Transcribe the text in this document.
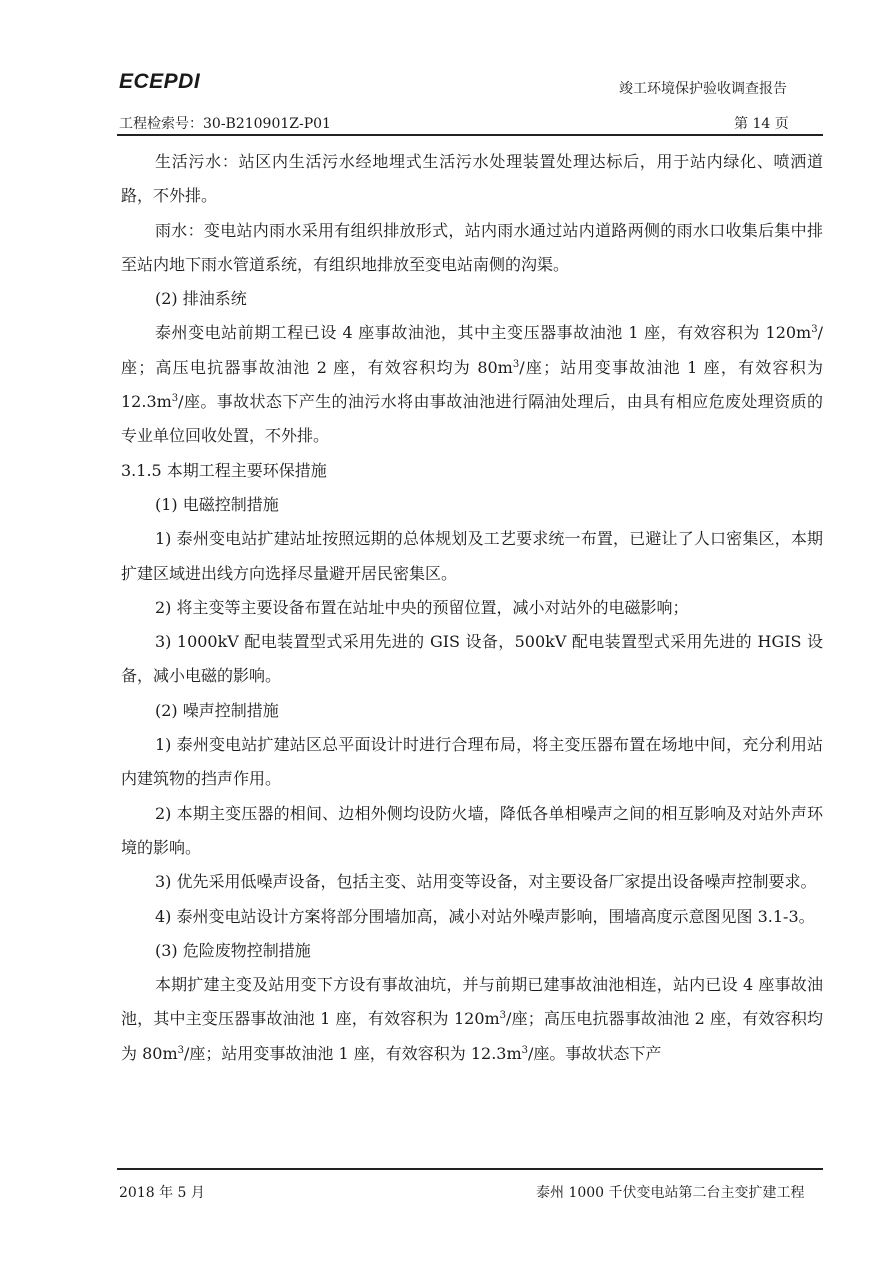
ECEPDI	竣工环境保护验收调查报告
工程检索号：30-B210901Z-P01	第 14 页

生活污水：站区内生活污水经地埋式生活污水处理装置处理达标后，用于站内绿化、喷洒道路，不外排。

雨水：变电站内雨水采用有组织排放形式，站内雨水通过站内道路两侧的雨水口收集后集中排至站内地下雨水管道系统，有组织地排放至变电站南侧的沟渠。

(2) 排油系统

泰州变电站前期工程已设 4 座事故油池，其中主变压器事故油池 1 座，有效容积为 $120m^3/$座；高压电抗器事故油池 2 座，有效容积均为 $80m^3/$座；站用变事故油池 1 座，有效容积为 $12.3m^3/$座。事故状态下产生的油污水将由事故油池进行隔油处理后，由具有相应危废处理资质的专业单位回收处置，不外排。

3.1.5 本期工程主要环保措施

(1) 电磁控制措施

1) 泰州变电站扩建站址按照远期的总体规划及工艺要求统一布置，已避让了人口密集区，本期扩建区域进出线方向选择尽量避开居民密集区。

2) 将主变等主要设备布置在站址中央的预留位置，减小对站外的电磁影响；

3) 1000kV 配电装置型式采用先进的 GIS 设备，500kV 配电装置型式采用先进的 HGIS 设备，减小电磁的影响。

(2) 噪声控制措施

1) 泰州变电站扩建站区总平面设计时进行合理布局，将主变压器布置在场地中间，充分利用站内建筑物的挡声作用。

2) 本期主变压器的相间、边相外侧均设防火墙，降低各单相噪声之间的相互影响及对站外声环境的影响。

3) 优先采用低噪声设备，包括主变、站用变等设备，对主要设备厂家提出设备噪声控制要求。

4) 泰州变电站设计方案将部分围墙加高，减小对站外噪声影响，围墙高度示意图见图 3.1-3。

(3) 危险废物控制措施

本期扩建主变及站用变下方设有事故油坑，并与前期已建事故油池相连，站内已设 4 座事故油池，其中主变压器事故油池 1 座，有效容积为 $120m^3/$座；高压电抗器事故油池 2 座，有效容积均为 $80m^3/$座；站用变事故油池 1 座，有效容积为 $12.3m^3/$座。事故状态下产

2018 年 5 月	泰州 1000 千伏变电站第二台主变扩建工程
